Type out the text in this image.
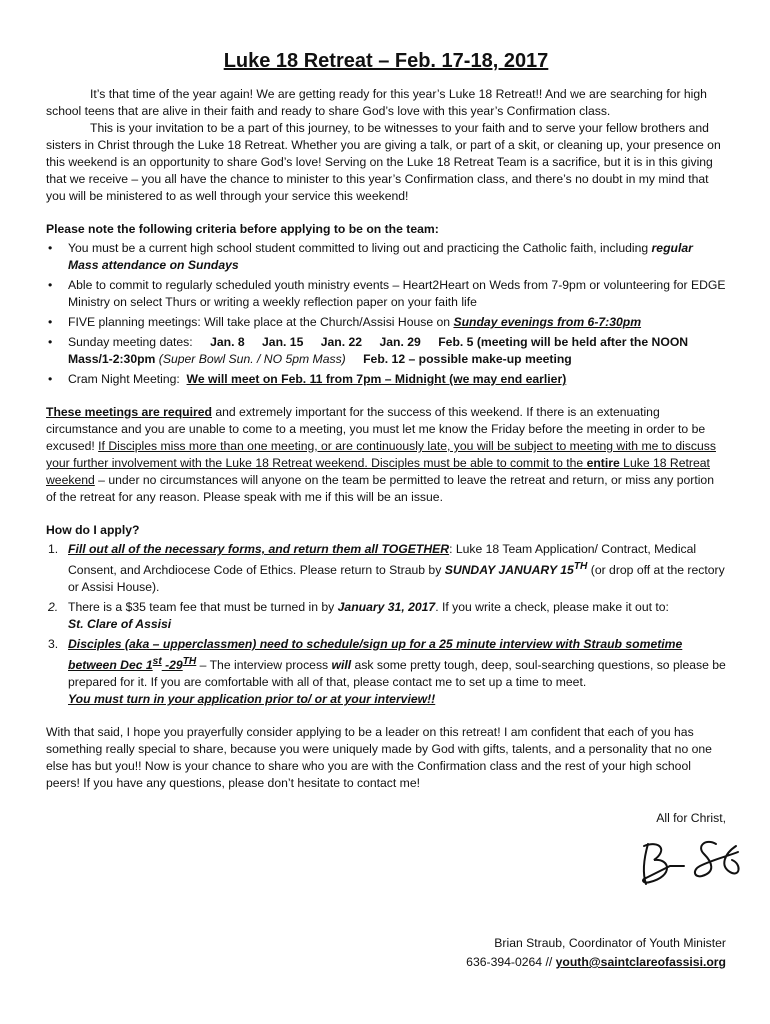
Luke 18 Retreat – Feb. 17-18, 2017

It’s that time of the year again! We are getting ready for this year’s Luke 18 Retreat!! And we are searching for high school teens that are alive in their faith and ready to share God’s love with this year’s Confirmation class.

This is your invitation to be a part of this journey, to be witnesses to your faith and to serve your fellow brothers and sisters in Christ through the Luke 18 Retreat. Whether you are giving a talk, or part of a skit, or cleaning up, your presence on this weekend is an opportunity to share God’s love! Serving on the Luke 18 Retreat Team is a sacrifice, but it is in this giving that we receive – you all have the chance to minister to this year’s Confirmation class, and there’s no doubt in my mind that you will be ministered to as well through your service this weekend!

Please note the following criteria before applying to be on the team:

• You must be a current high school student committed to living out and practicing the Catholic faith, including regular Mass attendance on Sundays
• Able to commit to regularly scheduled youth ministry events – Heart2Heart on Weds from 7-9pm or volunteering for EDGE Ministry on select Thurs or writing a weekly reflection paper on your faith life
• FIVE planning meetings: Will take place at the Church/Assisi House on Sunday evenings from 6-7:30pm
• Sunday meeting dates: Jan. 8 Jan. 15 Jan. 22 Jan. 29 Feb. 5 (meeting will be held after the NOON Mass/1-2:30pm (Super Bowl Sun. / NO 5pm Mass) Feb. 12 – possible make-up meeting
• Cram Night Meeting: We will meet on Feb. 11 from 7pm – Midnight (we may end earlier)

These meetings are required and extremely important for the success of this weekend. If there is an extenuating circumstance and you are unable to come to a meeting, you must let me know the Friday before the meeting in order to be excused! If Disciples miss more than one meeting, or are continuously late, you will be subject to meeting with me to discuss your further involvement with the Luke 18 Retreat weekend. Disciples must be able to commit to the entire Luke 18 Retreat weekend – under no circumstances will anyone on the team be permitted to leave the retreat and return, or miss any portion of the retreat for any reason. Please speak with me if this will be an issue.

How do I apply?

1. Fill out all of the necessary forms, and return them all TOGETHER: Luke 18 Team Application/ Contract, Medical Consent, and Archdiocese Code of Ethics. Please return to Straub by SUNDAY JANUARY 15TH (or drop off at the rectory or Assisi House).
2. There is a $35 team fee that must be turned in by January 31, 2017. If you write a check, please make it out to:
St. Clare of Assisi
3. Disciples (aka – upperclassmen) need to schedule/sign up for a 25 minute interview with Straub sometime between Dec 1st -29TH – The interview process will ask some pretty tough, deep, soul-searching questions, so please be prepared for it. If you are comfortable with all of that, please contact me to set up a time to meet.
You must turn in your application prior to/ or at your interview!!

With that said, I hope you prayerfully consider applying to be a leader on this retreat! I am confident that each of you has something really special to share, because you were uniquely made by God with gifts, talents, and a personality that no one else has but you!! Now is your chance to share who you are with the Confirmation class and the rest of your high school peers! If you have any questions, please don’t hesitate to contact me!

All for Christ,

Brian Straub, Coordinator of Youth Minister
636-394-0264 // youth@saintclareofassisi.org
